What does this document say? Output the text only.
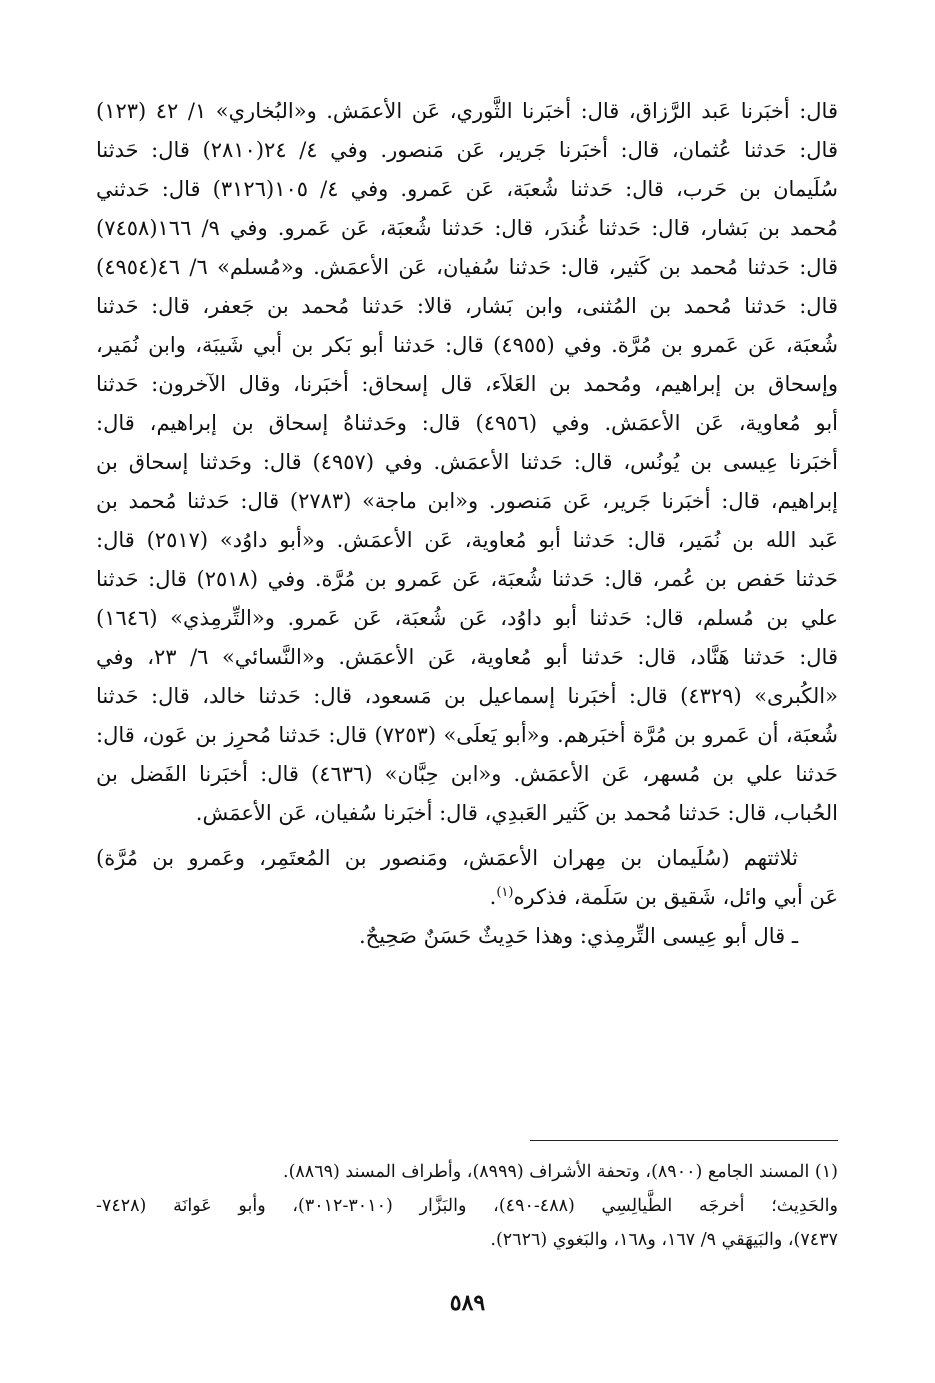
قال: أخبَرنا عَبد الرَّزاق، قال: أخبَرنا الثَّوري، عَن الأعمَش. و«البُخاري» ١/ ٤٢ (١٢٣)
قال: حَدثنا عُثمان، قال: أخبَرنا جَرير، عَن مَنصور. وفي ٤/ ٢٤(٢٨١٠) قال: حَدثنا
سُلَيمان بن حَرب، قال: حَدثنا شُعبَة، عَن عَمرو. وفي ٤/ ١٠٥(٣١٢٦) قال: حَدثني
مُحمد بن بَشار، قال: حَدثنا غُندَر، قال: حَدثنا شُعبَة، عَن عَمرو. وفي ٩/ ١٦٦(٧٤٥٨)
قال: حَدثنا مُحمد بن كَثير، قال: حَدثنا سُفيان، عَن الأعمَش. و«مُسلم» ٦/ ٤٦(٤٩٥٤)
قال: حَدثنا مُحمد بن المُثنى، وابن بَشار، قالا: حَدثنا مُحمد بن جَعفر، قال: حَدثنا
شُعبَة، عَن عَمرو بن مُرَّة. وفي (٤٩٥٥) قال: حَدثنا أبو بَكر بن أبي شَيبَة، وابن نُمَير،
وإسحاق بن إبراهيم، ومُحمد بن العَلاَء، قال إسحاق: أخبَرنا، وقال الآخرون: حَدثنا
أبو مُعاوية، عَن الأعمَش. وفي (٤٩٥٦) قال: وحَدثناهُ إسحاق بن إبراهيم، قال:
أخبَرنا عِيسى بن يُونُس، قال: حَدثنا الأعمَش. وفي (٤٩٥٧) قال: وحَدثنا إسحاق بن
إبراهيم، قال: أخبَرنا جَرير، عَن مَنصور. و«ابن ماجة» (٢٧٨٣) قال: حَدثنا مُحمد بن
عَبد الله بن نُمَير، قال: حَدثنا أبو مُعاوية، عَن الأعمَش. و«أبو داوُد» (٢٥١٧) قال:
حَدثنا حَفص بن عُمر، قال: حَدثنا شُعبَة، عَن عَمرو بن مُرَّة. وفي (٢٥١٨) قال: حَدثنا
علي بن مُسلم، قال: حَدثنا أبو داوُد، عَن شُعبَة، عَن عَمرو. و«التِّرمِذي» (١٦٤٦)
قال: حَدثنا هَنَّاد، قال: حَدثنا أبو مُعاوية، عَن الأعمَش. و«النَّسائي» ٦/ ٢٣، وفي
«الكُبرى» (٤٣٢٩) قال: أخبَرنا إسماعيل بن مَسعود، قال: حَدثنا خالد، قال: حَدثنا
شُعبَة، أن عَمرو بن مُرَّة أخبَرهم. و«أبو يَعلَى» (٧٢٥٣) قال: حَدثنا مُحرِز بن عَون، قال:
حَدثنا علي بن مُسهر، عَن الأعمَش. و«ابن حِبَّان» (٤٦٣٦) قال: أخبَرنا الفَضل بن
الحُباب، قال: حَدثنا مُحمد بن كَثير العَبدِي، قال: أخبَرنا سُفيان، عَن الأعمَش.
ثلاثتهم (سُلَيمان بن مِهران الأعمَش، ومَنصور بن المُعتَمِر، وعَمرو بن مُرَّة)
عَن أبي وائل، شَقيق بن سَلَمة، فذكره$^{(١)}$.
ـ قال أبو عِيسى التِّرمِذي: وهذا حَدِيثٌ حَسَنٌ صَحِيحٌ.
(١) المسند الجامع (٨٩٠٠)، وتحفة الأشراف (٨٩٩٩)، وأطراف المسند (٨٨٦٩).
والحَدِيث؛ أخرجَه الطَّيالِسِي (٤٨٨-٤٩٠)، والبَزَّار (٣٠١٠-٣٠١٢)، وأبو عَوانَة (٧٤٢٨-
٧٤٣٧)، والبَيهَقي ٩/ ١٦٧، و١٦٨، والبَغوي (٢٦٢٦).
٥٨٩
